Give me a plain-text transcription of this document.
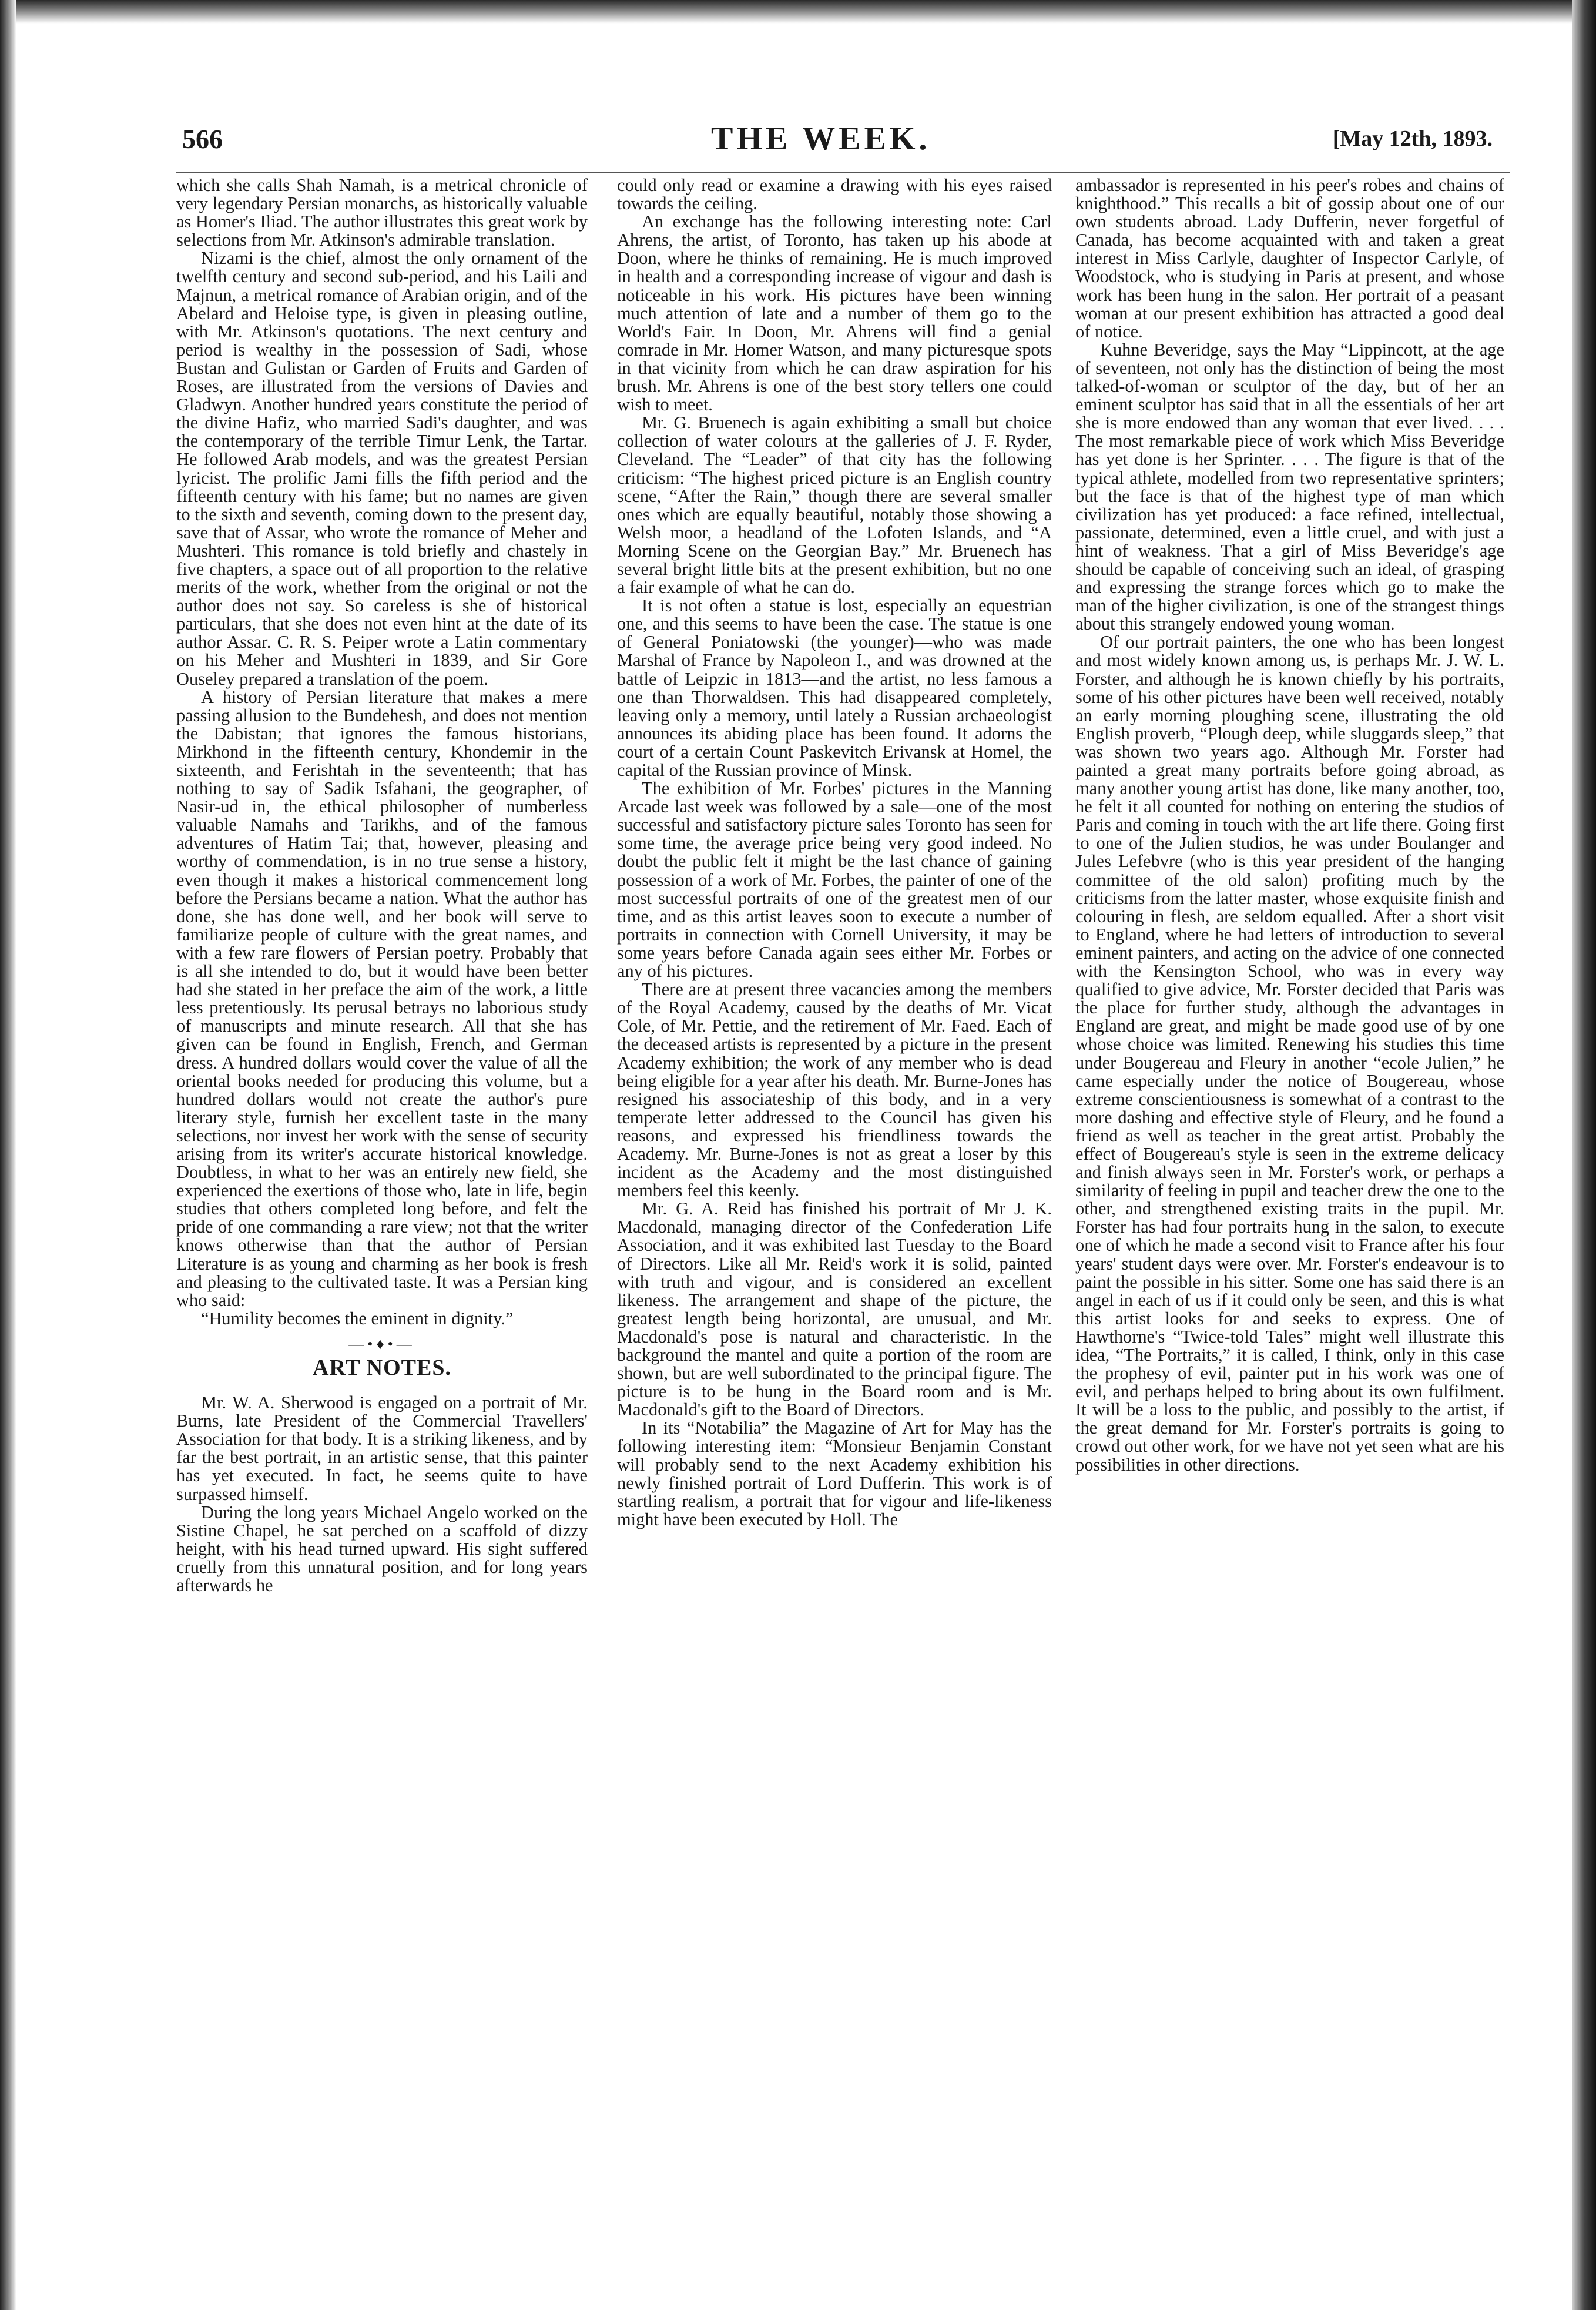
566	THE WEEK.	[May 12th, 1893.

which she calls Shah Namah, is a metrical chronicle of very legendary Persian monarchs, as historically valuable as Homer's Iliad. The author illustrates this great work by selections from Mr. Atkinson's admirable translation.

Nizami is the chief, almost the only ornament of the twelfth century and second sub-period, and his Laili and Majnun, a metrical romance of Arabian origin, and of the Abelard and Heloise type, is given in pleasing outline, with Mr. Atkinson's quotations. The next century and period is wealthy in the possession of Sadi, whose Bustan and Gulistan or Garden of Fruits and Garden of Roses, are illustrated from the versions of Davies and Gladwyn. Another hundred years constitute the period of the divine Hafiz, who married Sadi's daughter, and was the contemporary of the terrible Timur Lenk, the Tartar. He followed Arab models, and was the greatest Persian lyricist. The prolific Jami fills the fifth period and the fifteenth century with his fame; but no names are given to the sixth and seventh, coming down to the present day, save that of Assar, who wrote the romance of Meher and Mushteri. This romance is told briefly and chastely in five chapters, a space out of all proportion to the relative merits of the work, whether from the original or not the author does not say. So careless is she of historical particulars, that she does not even hint at the date of its author Assar. C. R. S. Peiper wrote a Latin commentary on his Meher and Mushteri in 1839, and Sir Gore Ouseley prepared a translation of the poem.

A history of Persian literature that makes a mere passing allusion to the Bundehesh, and does not mention the Dabistan; that ignores the famous historians, Mirkhond in the fifteenth century, Khondemir in the sixteenth, and Ferishtah in the seventeenth; that has nothing to say of Sadik Isfahani, the geographer, of Nasir-ud in, the ethical philosopher of numberless valuable Namahs and Tarikhs, and of the famous adventures of Hatim Tai; that, however, pleasing and worthy of commendation, is in no true sense a history, even though it makes a historical commencement long before the Persians became a nation. What the author has done, she has done well, and her book will serve to familiarize people of culture with the great names, and with a few rare flowers of Persian poetry. Probably that is all she intended to do, but it would have been better had she stated in her preface the aim of the work, a little less pretentiously. Its perusal betrays no laborious study of manuscripts and minute research. All that she has given can be found in English, French, and German dress. A hundred dollars would cover the value of all the oriental books needed for producing this volume, but a hundred dollars would not create the author's pure literary style, furnish her excellent taste in the many selections, nor invest her work with the sense of security arising from its writer's accurate historical knowledge. Doubtless, in what to her was an entirely new field, she experienced the exertions of those who, late in life, begin studies that others completed long before, and felt the pride of one commanding a rare view; not that the writer knows otherwise than that the author of Persian Literature is as young and charming as her book is fresh and pleasing to the cultivated taste. It was a Persian king who said:

“Humility becomes the eminent in dignity.”

—•♦•—
ART NOTES.

Mr. W. A. Sherwood is engaged on a portrait of Mr. Burns, late President of the Commercial Travellers' Association for that body. It is a striking likeness, and by far the best portrait, in an artistic sense, that this painter has yet executed. In fact, he seems quite to have surpassed himself.

During the long years Michael Angelo worked on the Sistine Chapel, he sat perched on a scaffold of dizzy height, with his head turned upward. His sight suffered cruelly from this unnatural position, and for long years afterwards he

could only read or examine a drawing with his eyes raised towards the ceiling.

An exchange has the following interesting note: Carl Ahrens, the artist, of Toronto, has taken up his abode at Doon, where he thinks of remaining. He is much improved in health and a corresponding increase of vigour and dash is noticeable in his work. His pictures have been winning much attention of late and a number of them go to the World's Fair. In Doon, Mr. Ahrens will find a genial comrade in Mr. Homer Watson, and many picturesque spots in that vicinity from which he can draw aspiration for his brush. Mr. Ahrens is one of the best story tellers one could wish to meet.

Mr. G. Bruenech is again exhibiting a small but choice collection of water colours at the galleries of J. F. Ryder, Cleveland. The “Leader” of that city has the following criticism: “The highest priced picture is an English country scene, “After the Rain,” though there are several smaller ones which are equally beautiful, notably those showing a Welsh moor, a headland of the Lofoten Islands, and “A Morning Scene on the Georgian Bay.” Mr. Bruenech has several bright little bits at the present exhibition, but no one a fair example of what he can do.

It is not often a statue is lost, especially an equestrian one, and this seems to have been the case. The statue is one of General Poniatowski (the younger)—who was made Marshal of France by Napoleon I., and was drowned at the battle of Leipzic in 1813—and the artist, no less famous a one than Thorwaldsen. This had disappeared completely, leaving only a memory, until lately a Russian archaeologist announces its abiding place has been found. It adorns the court of a certain Count Paskevitch Erivansk at Homel, the capital of the Russian province of Minsk.

The exhibition of Mr. Forbes' pictures in the Manning Arcade last week was followed by a sale—one of the most successful and satisfactory picture sales Toronto has seen for some time, the average price being very good indeed. No doubt the public felt it might be the last chance of gaining possession of a work of Mr. Forbes, the painter of one of the most successful portraits of one of the greatest men of our time, and as this artist leaves soon to execute a number of portraits in connection with Cornell University, it may be some years before Canada again sees either Mr. Forbes or any of his pictures.

There are at present three vacancies among the members of the Royal Academy, caused by the deaths of Mr. Vicat Cole, of Mr. Pettie, and the retirement of Mr. Faed. Each of the deceased artists is represented by a picture in the present Academy exhibition; the work of any member who is dead being eligible for a year after his death. Mr. Burne-Jones has resigned his associateship of this body, and in a very temperate letter addressed to the Council has given his reasons, and expressed his friendliness towards the Academy. Mr. Burne-Jones is not as great a loser by this incident as the Academy and the most distinguished members feel this keenly.

Mr. G. A. Reid has finished his portrait of Mr J. K. Macdonald, managing director of the Confederation Life Association, and it was exhibited last Tuesday to the Board of Directors. Like all Mr. Reid's work it is solid, painted with truth and vigour, and is considered an excellent likeness. The arrangement and shape of the picture, the greatest length being horizontal, are unusual, and Mr. Macdonald's pose is natural and characteristic. In the background the mantel and quite a portion of the room are shown, but are well subordinated to the principal figure. The picture is to be hung in the Board room and is Mr. Macdonald's gift to the Board of Directors.

In its “Notabilia” the Magazine of Art for May has the following interesting item: “Monsieur Benjamin Constant will probably send to the next Academy exhibition his newly finished portrait of Lord Dufferin. This work is of startling realism, a portrait that for vigour and life-likeness might have been executed by Holl. The

ambassador is represented in his peer's robes and chains of knighthood.” This recalls a bit of gossip about one of our own students abroad. Lady Dufferin, never forgetful of Canada, has become acquainted with and taken a great interest in Miss Carlyle, daughter of Inspector Carlyle, of Woodstock, who is studying in Paris at present, and whose work has been hung in the salon. Her portrait of a peasant woman at our present exhibition has attracted a good deal of notice.

Kuhne Beveridge, says the May “Lippincott, at the age of seventeen, not only has the distinction of being the most talked-of-woman or sculptor of the day, but of her an eminent sculptor has said that in all the essentials of her art she is more endowed than any woman that ever lived. . . . The most remarkable piece of work which Miss Beveridge has yet done is her Sprinter. . . . The figure is that of the typical athlete, modelled from two representative sprinters; but the face is that of the highest type of man which civilization has yet produced: a face refined, intellectual, passionate, determined, even a little cruel, and with just a hint of weakness. That a girl of Miss Beveridge's age should be capable of conceiving such an ideal, of grasping and expressing the strange forces which go to make the man of the higher civilization, is one of the strangest things about this strangely endowed young woman.

Of our portrait painters, the one who has been longest and most widely known among us, is perhaps Mr. J. W. L. Forster, and although he is known chiefly by his portraits, some of his other pictures have been well received, notably an early morning ploughing scene, illustrating the old English proverb, “Plough deep, while sluggards sleep,” that was shown two years ago. Although Mr. Forster had painted a great many portraits before going abroad, as many another young artist has done, like many another, too, he felt it all counted for nothing on entering the studios of Paris and coming in touch with the art life there. Going first to one of the Julien studios, he was under Boulanger and Jules Lefebvre (who is this year president of the hanging committee of the old salon) profiting much by the criticisms from the latter master, whose exquisite finish and colouring in flesh, are seldom equalled. After a short visit to England, where he had letters of introduction to several eminent painters, and acting on the advice of one connected with the Kensington School, who was in every way qualified to give advice, Mr. Forster decided that Paris was the place for further study, although the advantages in England are great, and might be made good use of by one whose choice was limited. Renewing his studies this time under Bougereau and Fleury in another “ecole Julien,” he came especially under the notice of Bougereau, whose extreme conscientiousness is somewhat of a contrast to the more dashing and effective style of Fleury, and he found a friend as well as teacher in the great artist. Probably the effect of Bougereau's style is seen in the extreme delicacy and finish always seen in Mr. Forster's work, or perhaps a similarity of feeling in pupil and teacher drew the one to the other, and strengthened existing traits in the pupil. Mr. Forster has had four portraits hung in the salon, to execute one of which he made a second visit to France after his four years' student days were over. Mr. Forster's endeavour is to paint the possible in his sitter. Some one has said there is an angel in each of us if it could only be seen, and this is what this artist looks for and seeks to express. One of Hawthorne's “Twice-told Tales” might well illustrate this idea, “The Portraits,” it is called, I think, only in this case the prophesy of evil, painter put in his work was one of evil, and perhaps helped to bring about its own fulfilment. It will be a loss to the public, and possibly to the artist, if the great demand for Mr. Forster's portraits is going to crowd out other work, for we have not yet seen what are his possibilities in other directions.
